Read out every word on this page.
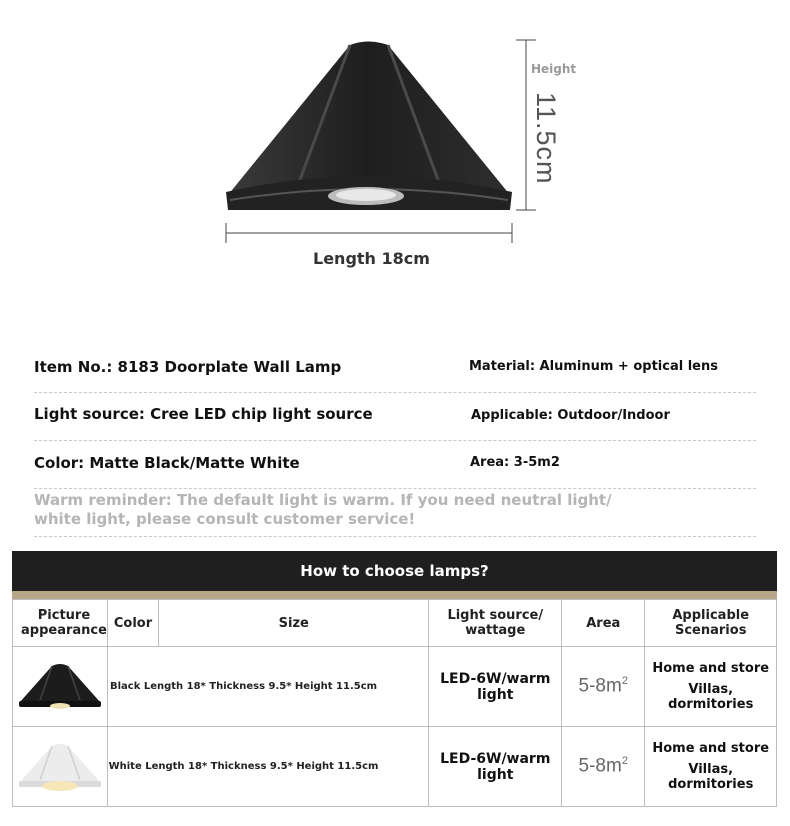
Height
11.5cm
Length 18cm
Item No.: 8183 Doorplate Wall Lamp	Material: Aluminum + optical lens
Light source: Cree LED chip light source	Applicable: Outdoor/Indoor
Color: Matte Black/Matte White	Area: 3-5m2
Warm reminder: The default light is warm. If you need neutral light/ white light, please consult customer service!
How to choose lamps?
Picture appearance	Color	Size	Light source/ wattage	Area	Applicable Scenarios
		Black Length 18* Thickness 9.5* Height 11.5cm	LED-6W/warm light	$5-8m^2$	Home and store
Villas, dormitories
		White Length 18* Thickness 9.5* Height 11.5cm	LED-6W/warm light	$5-8m^2$	Home and store
Villas, dormitories
